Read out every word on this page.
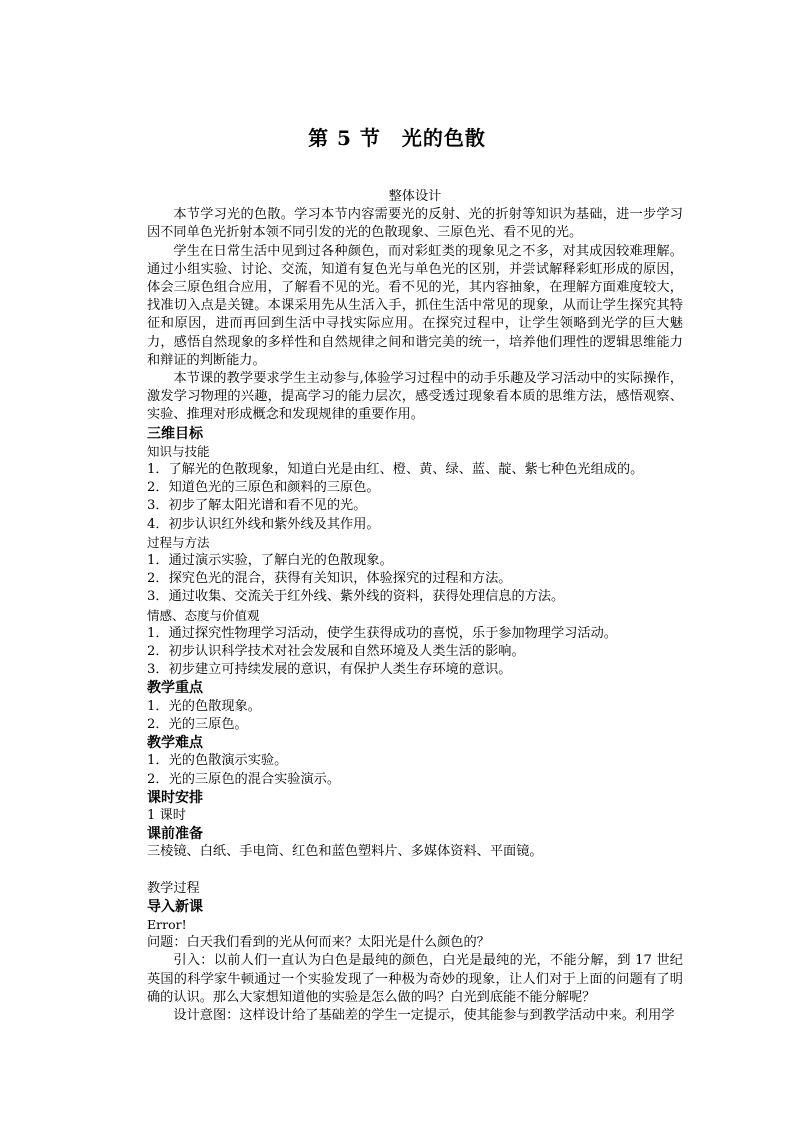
第 5 节　光的色散

整体设计

本节学习光的色散。学习本节内容需要光的反射、光的折射等知识为基础，进一步学习因不同单色光折射本领不同引发的光的色散现象、三原色光、看不见的光。

学生在日常生活中见到过各种颜色，而对彩虹类的现象见之不多，对其成因较难理解。通过小组实验、讨论、交流，知道有复色光与单色光的区别，并尝试解释彩虹形成的原因，体会三原色组合应用，了解看不见的光。看不见的光，其内容抽象，在理解方面难度较大，找准切入点是关键。本课采用先从生活入手，抓住生活中常见的现象，从而让学生探究其特征和原因，进而再回到生活中寻找实际应用。在探究过程中，让学生领略到光学的巨大魅力，感悟自然现象的多样性和自然规律之间和谐完美的统一，培养他们理性的逻辑思维能力和辩证的判断能力。

本节课的教学要求学生主动参与,体验学习过程中的动手乐趣及学习活动中的实际操作，激发学习物理的兴趣，提高学习的能力层次，感受透过现象看本质的思维方法，感悟观察、实验、推理对形成概念和发现规律的重要作用。

三维目标

知识与技能

1．了解光的色散现象，知道白光是由红、橙、黄、绿、蓝、靛、紫七种色光组成的。

2．知道色光的三原色和颜料的三原色。

3．初步了解太阳光谱和看不见的光。

4．初步认识红外线和紫外线及其作用。

过程与方法

1．通过演示实验，了解白光的色散现象。

2．探究色光的混合，获得有关知识，体验探究的过程和方法。

3．通过收集、交流关于红外线、紫外线的资料，获得处理信息的方法。

情感、态度与价值观

1．通过探究性物理学习活动，使学生获得成功的喜悦，乐于参加物理学习活动。

2．初步认识科学技术对社会发展和自然环境及人类生活的影响。

3．初步建立可持续发展的意识，有保护人类生存环境的意识。

教学重点

1．光的色散现象。

2．光的三原色。

教学难点

1．光的色散演示实验。

2．光的三原色的混合实验演示。

课时安排

1 课时

课前准备

三棱镜、白纸、手电筒、红色和蓝色塑料片、多媒体资料、平面镜。

教学过程

导入新课

Error!

问题：白天我们看到的光从何而来？太阳光是什么颜色的？

引入：以前人们一直认为白色是最纯的颜色，白光是最纯的光，不能分解，到 17 世纪英国的科学家牛顿通过一个实验发现了一种极为奇妙的现象，让人们对于上面的问题有了明确的认识。那么大家想知道他的实验是怎么做的吗？白光到底能不能分解呢？

设计意图：这样设计给了基础差的学生一定提示，使其能参与到教学活动中来。利用学
